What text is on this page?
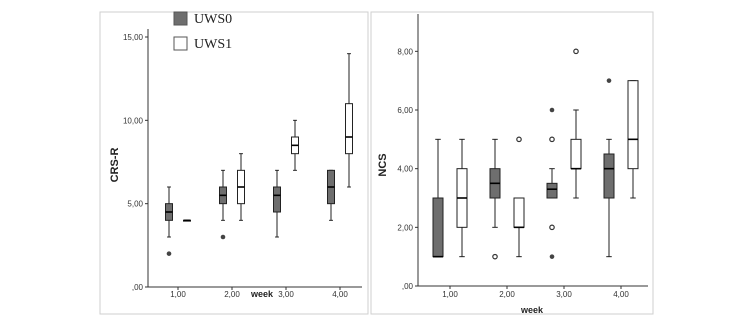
UWS0
UWS1
CRS-R
week
NCS
week
,00
5,00
10,00
15,00
1,00	2,00	3,00	4,00
,00
2,00
4,00
6,00
8,00
1,00	2,00	3,00	4,00
